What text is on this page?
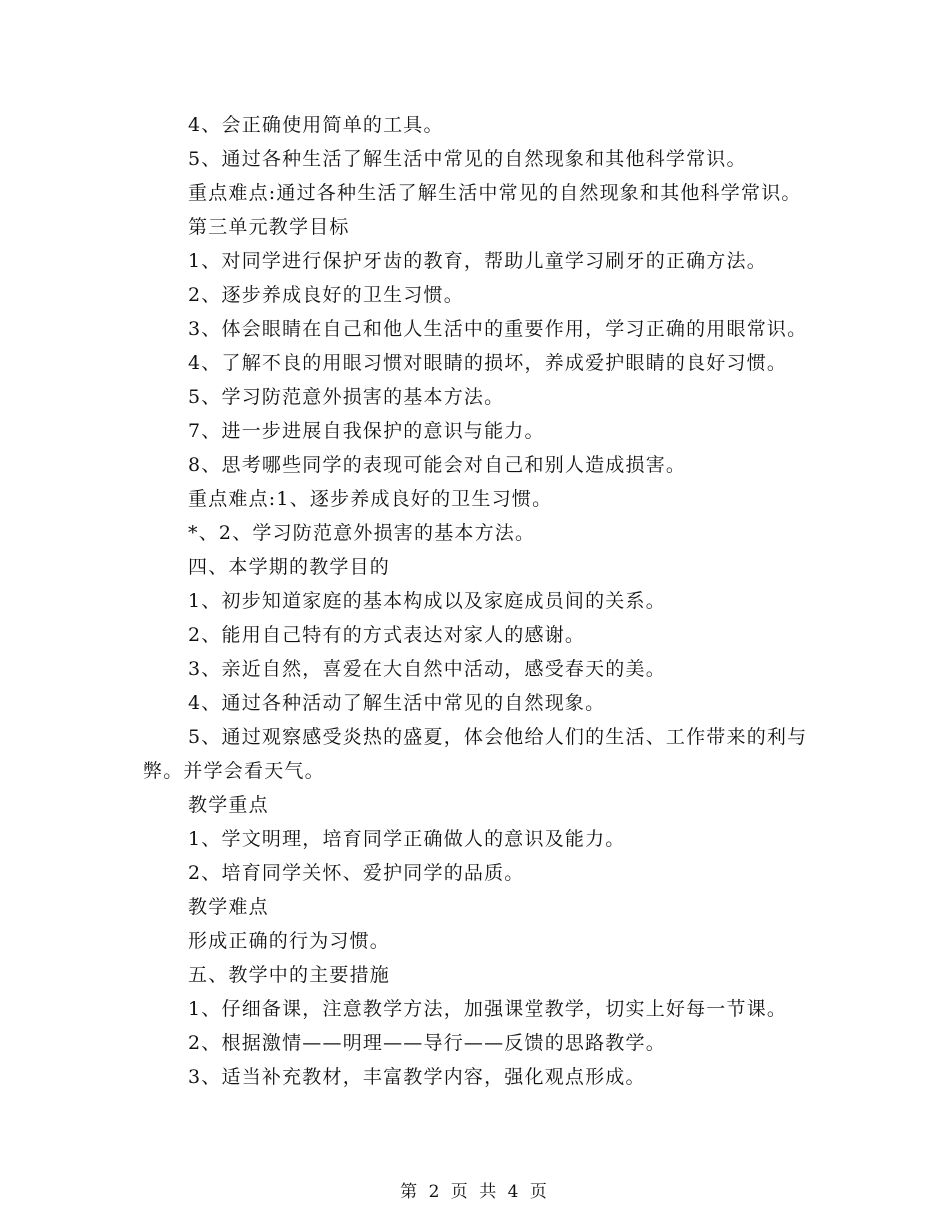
4、会正确使用简单的工具。

5、通过各种生活了解生活中常见的自然现象和其他科学常识。

重点难点:通过各种生活了解生活中常见的自然现象和其他科学常识。

第三单元教学目标

1、对同学进行保护牙齿的教育，帮助儿童学习刷牙的正确方法。

2、逐步养成良好的卫生习惯。

3、体会眼睛在自己和他人生活中的重要作用，学习正确的用眼常识。

4、了解不良的用眼习惯对眼睛的损坏，养成爱护眼睛的良好习惯。

5、学习防范意外损害的基本方法。

7、进一步进展自我保护的意识与能力。

8、思考哪些同学的表现可能会对自己和别人造成损害。

重点难点:1、逐步养成良好的卫生习惯。

*、2、学习防范意外损害的基本方法。

四、本学期的教学目的

1、初步知道家庭的基本构成以及家庭成员间的关系。

2、能用自己特有的方式表达对家人的感谢。

3、亲近自然，喜爱在大自然中活动，感受春天的美。

4、通过各种活动了解生活中常见的自然现象。

5、通过观察感受炎热的盛夏，体会他给人们的生活、工作带来的利与弊。并学会看天气。

教学重点

1、学文明理，培育同学正确做人的意识及能力。

2、培育同学关怀、爱护同学的品质。

教学难点

形成正确的行为习惯。

五、教学中的主要措施

1、仔细备课，注意教学方法，加强课堂教学，切实上好每一节课。

2、根据激情——明理——导行——反馈的思路教学。

3、适当补充教材，丰富教学内容，强化观点形成。

第 2 页 共 4 页
